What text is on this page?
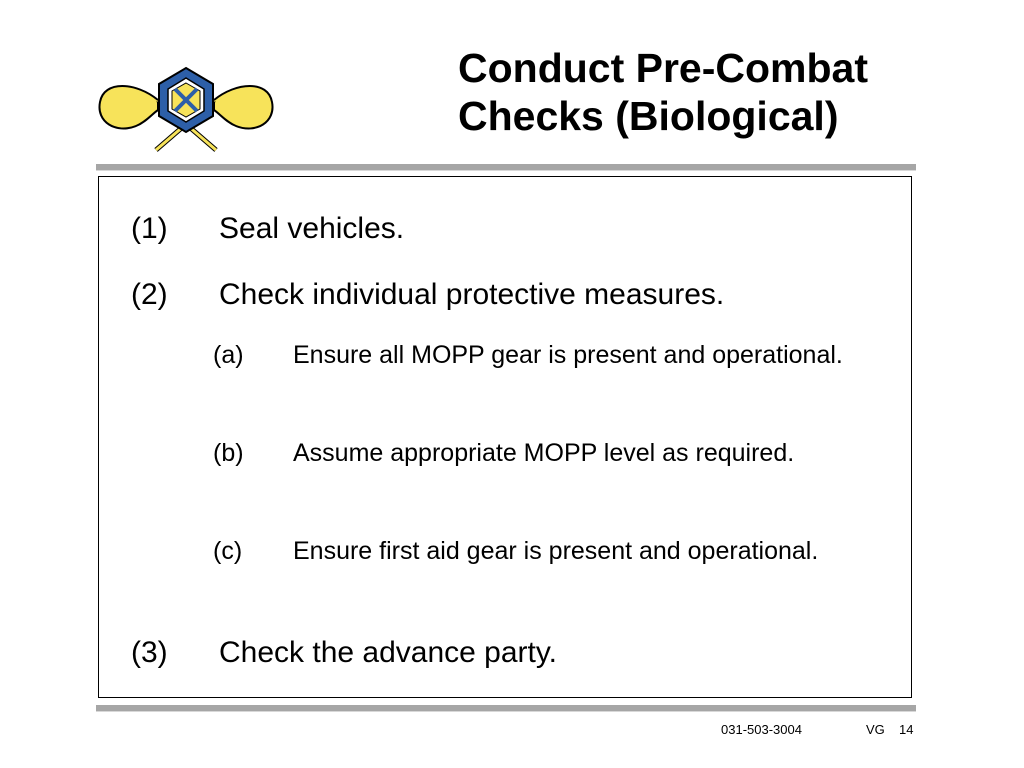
Conduct Pre-Combat
Checks (Biological)
(1) Seal vehicles.
(2) Check individual protective measures.
(a) Ensure all MOPP gear is present and operational.
(b) Assume appropriate MOPP level as required.
(c) Ensure first aid gear is present and operational.
(3) Check the advance party.
031-503-3004	VG 14
